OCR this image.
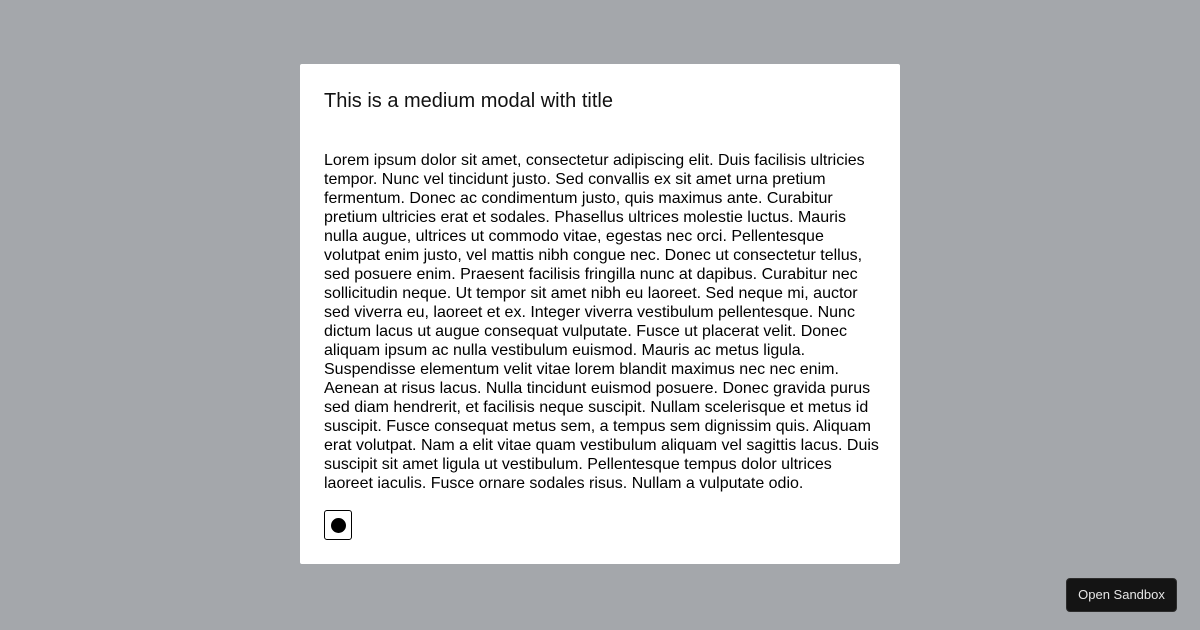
This is a medium modal with title
Lorem ipsum dolor sit amet, consectetur adipiscing elit. Duis facilisis ultricies tempor. Nunc vel tincidunt justo. Sed convallis ex sit amet urna pretium fermentum. Donec ac condimentum justo, quis maximus ante. Curabitur pretium ultricies erat et sodales. Phasellus ultrices molestie luctus. Mauris nulla augue, ultrices ut commodo vitae, egestas nec orci. Pellentesque volutpat enim justo, vel mattis nibh congue nec. Donec ut consectetur tellus, sed posuere enim. Praesent facilisis fringilla nunc at dapibus. Curabitur nec sollicitudin neque. Ut tempor sit amet nibh eu laoreet. Sed neque mi, auctor sed viverra eu, laoreet et ex. Integer viverra vestibulum pellentesque. Nunc dictum lacus ut augue consequat vulputate. Fusce ut placerat velit. Donec aliquam ipsum ac nulla vestibulum euismod. Mauris ac metus ligula. Suspendisse elementum velit vitae lorem blandit maximus nec nec enim. Aenean at risus lacus. Nulla tincidunt euismod posuere. Donec gravida purus sed diam hendrerit, et facilisis neque suscipit. Nullam scelerisque et metus id suscipit. Fusce consequat metus sem, a tempus sem dignissim quis. Aliquam erat volutpat. Nam a elit vitae quam vestibulum aliquam vel sagittis lacus. Duis suscipit sit amet ligula ut vestibulum. Pellentesque tempus dolor ultrices laoreet iaculis. Fusce ornare sodales risus. Nullam a vulputate odio.
Open Sandbox
